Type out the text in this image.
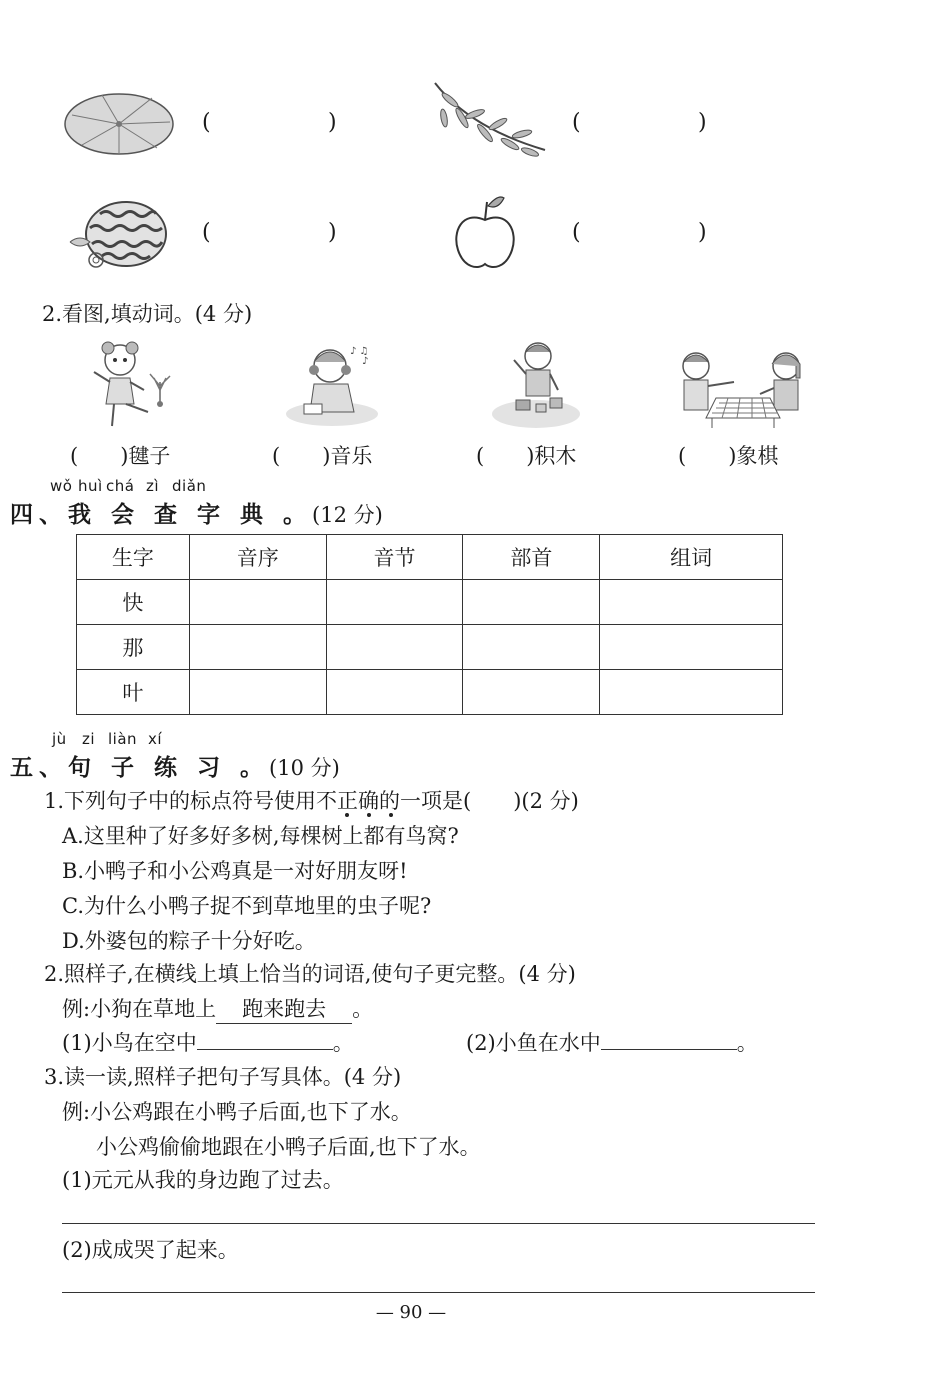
(	)	(	)
(	)	(	)
2.看图,填动词。(4 分)
♪ ♫
♪
(　　)毽子	(　　)音乐	(　　)积木	(　　)象棋
wǒ huì chá zì diǎn
四、我 会 查 字 典 。(12 分)
生字	音序	音节	部首	组词
快				
那				
叶				
jù zi liàn xí
五、句 子 练 习 。(10 分)
1.下列句子中的标点符号使用不正确的一项是(　　)(2 分)
A.这里种了好多好多树,每棵树上都有鸟窝?
B.小鸭子和小公鸡真是一对好朋友呀!
C.为什么小鸭子捉不到草地里的虫子呢?
D.外婆包的粽子十分好吃。
2.照样子,在横线上填上恰当的词语,使句子更完整。(4 分)
例:小狗在草地上 跑来跑去 。
(1)小鸟在空中	。	(2)小鱼在水中	。
3.读一读,照样子把句子写具体。(4 分)
例:小公鸡跟在小鸭子后面,也下了水。
小公鸡偷偷地跟在小鸭子后面,也下了水。
(1)元元从我的身边跑了过去。
(2)成成哭了起来。
— 90 —
